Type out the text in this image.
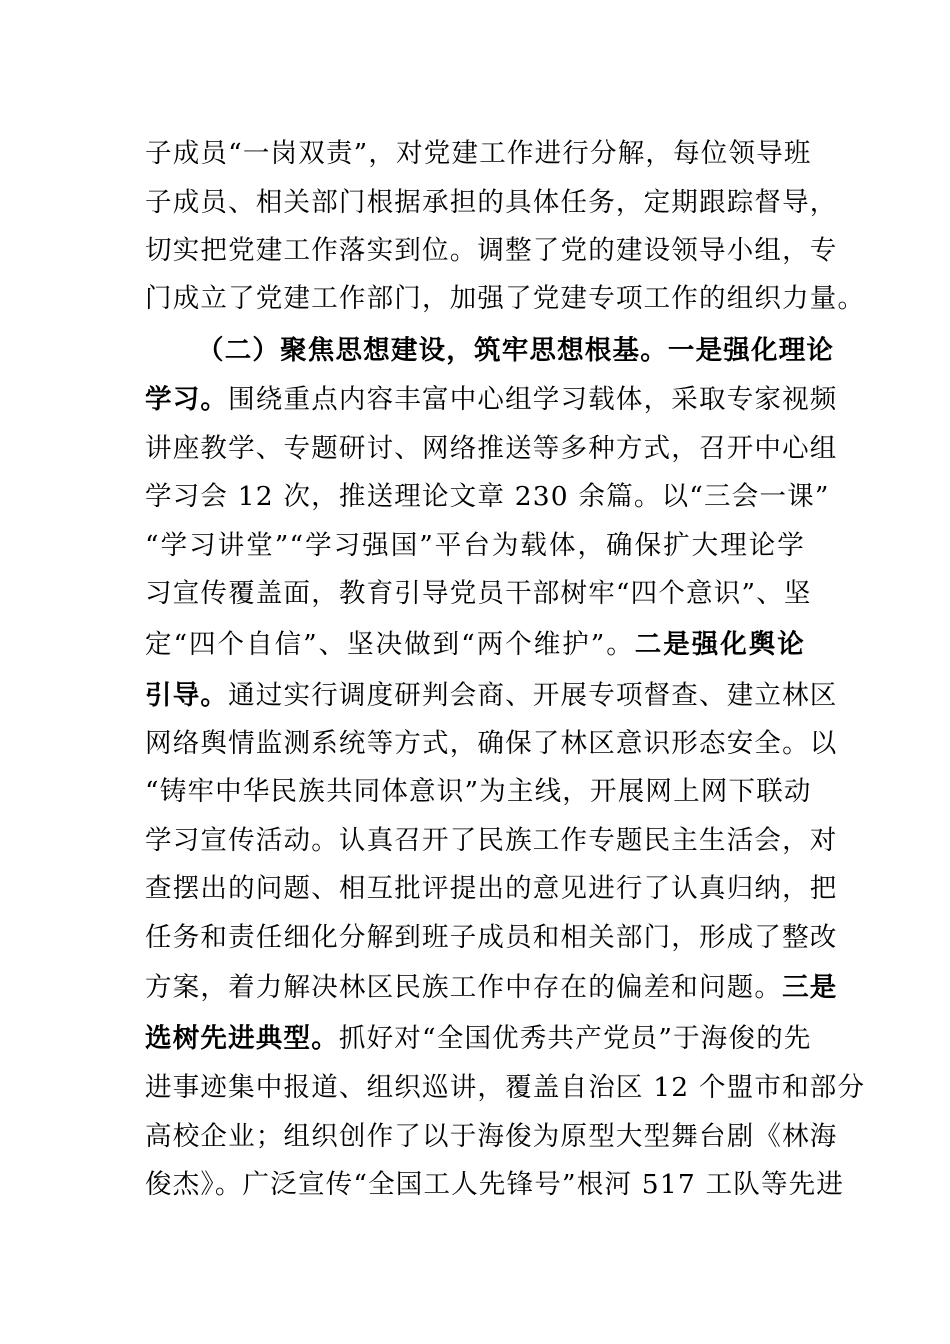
子成员“一岗双责”，对党建工作进行分解，每位领导班
子成员、相关部门根据承担的具体任务，定期跟踪督导，
切实把党建工作落实到位。调整了党的建设领导小组，专
门成立了党建工作部门，加强了党建专项工作的组织力量。
（二）聚焦思想建设，筑牢思想根基。一是强化理论
学习。围绕重点内容丰富中心组学习载体，采取专家视频
讲座教学、专题研讨、网络推送等多种方式，召开中心组
学习会 12 次，推送理论文章 230 余篇。以“三会一课”
“学习讲堂”“学习强国”平台为载体，确保扩大理论学
习宣传覆盖面，教育引导党员干部树牢“四个意识”、坚
定“四个自信”、坚决做到“两个维护”。二是强化舆论
引导。通过实行调度研判会商、开展专项督查、建立林区
网络舆情监测系统等方式，确保了林区意识形态安全。以
“铸牢中华民族共同体意识”为主线，开展网上网下联动
学习宣传活动。认真召开了民族工作专题民主生活会，对
查摆出的问题、相互批评提出的意见进行了认真归纳，把
任务和责任细化分解到班子成员和相关部门，形成了整改
方案，着力解决林区民族工作中存在的偏差和问题。三是
选树先进典型。抓好对“全国优秀共产党员”于海俊的先
进事迹集中报道、组织巡讲，覆盖自治区 12 个盟市和部分
高校企业；组织创作了以于海俊为原型大型舞台剧《林海
俊杰》。广泛宣传“全国工人先锋号”根河 517 工队等先进
